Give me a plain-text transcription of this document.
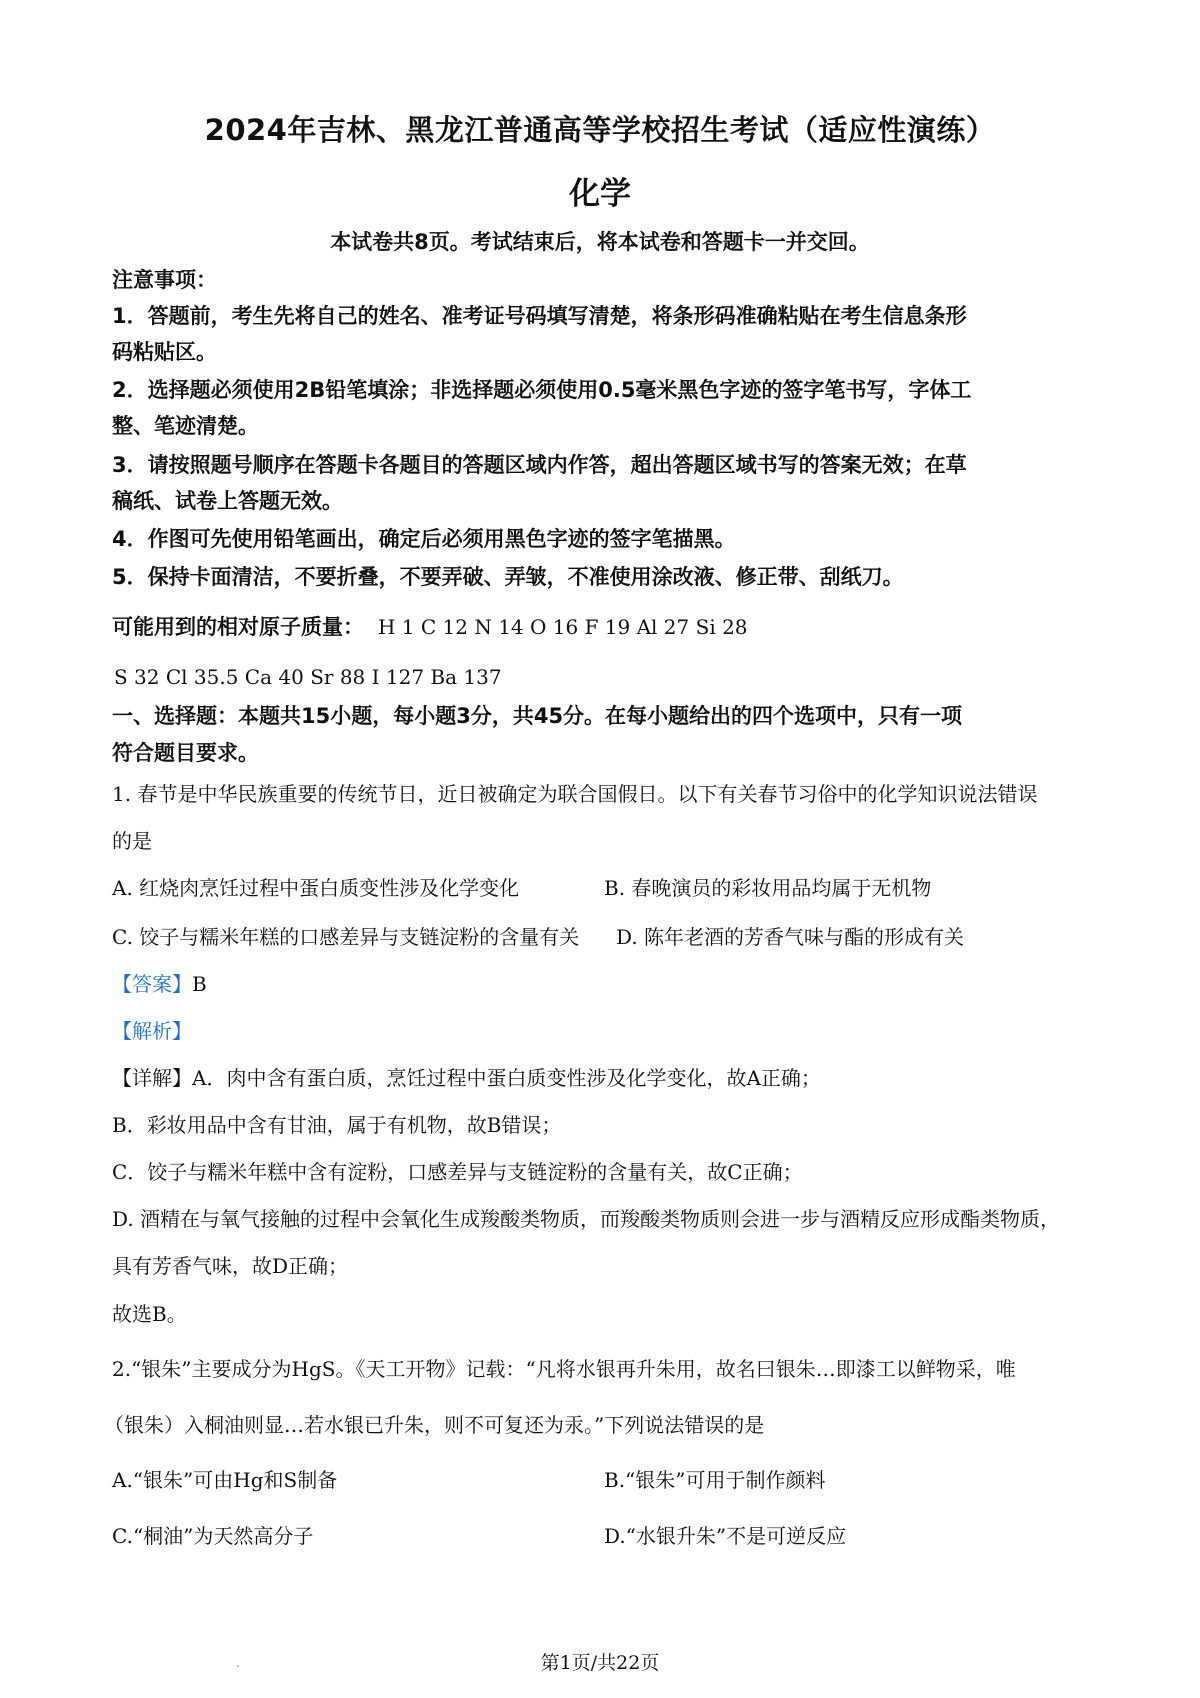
2024年吉林、黑龙江普通高等学校招生考试（适应性演练）
化学
本试卷共8页。考试结束后，将本试卷和答题卡一并交回。

注意事项：

1．答题前，考生先将自己的姓名、准考证号码填写清楚，将条形码准确粘贴在考生信息条形

码粘贴区。

2．选择题必须使用2B铅笔填涂；非选择题必须使用0.5毫米黑色字迹的签字笔书写，字体工

整、笔迹清楚。

3．请按照题号顺序在答题卡各题目的答题区域内作答，超出答题区域书写的答案无效；在草

稿纸、试卷上答题无效。

4．作图可先使用铅笔画出，确定后必须用黑色字迹的签字笔描黑。

5．保持卡面清洁，不要折叠，不要弄破、弄皱，不准使用涂改液、修正带、刮纸刀。

可能用到的相对原子质量： H 1 C 12 N 14 O 16 F 19 Al 27 Si 28

S 32 Cl 35.5 Ca 40 Sr 88 I 127 Ba 137

一、选择题：本题共15小题，每小题3分，共45分。在每小题给出的四个选项中，只有一项

符合题目要求。

1. 春节是中华民族重要的传统节日，近日被确定为联合国假日。以下有关春节习俗中的化学知识说法错误

的是

A. 红烧肉烹饪过程中蛋白质变性涉及化学变化	B. 春晚演员的彩妆用品均属于无机物

C. 饺子与糯米年糕的口感差异与支链淀粉的含量有关 D. 陈年老酒的芳香气味与酯的形成有关

【答案】B

【解析】

【详解】A．肉中含有蛋白质，烹饪过程中蛋白质变性涉及化学变化，故A正确；

B．彩妆用品中含有甘油，属于有机物，故B错误；

C．饺子与糯米年糕中含有淀粉，口感差异与支链淀粉的含量有关，故C正确；

D. 酒精在与氧气接触的过程中会氧化生成羧酸类物质，而羧酸类物质则会进一步与酒精反应形成酯类物质，

具有芳香气味，故D正确；

故选B。

2.“银朱”主要成分为HgS。《天工开物》记载：“凡将水银再升朱用，故名曰银朱…即漆工以鲜物采，唯

（银朱）入桐油则显…若水银已升朱，则不可复还为汞。”下列说法错误的是

A.“银朱”可由Hg和S制备	B.“银朱”可用于制作颜料

C.“桐油”为天然高分子	D.“水银升朱”不是可逆反应

第1页/共22页
